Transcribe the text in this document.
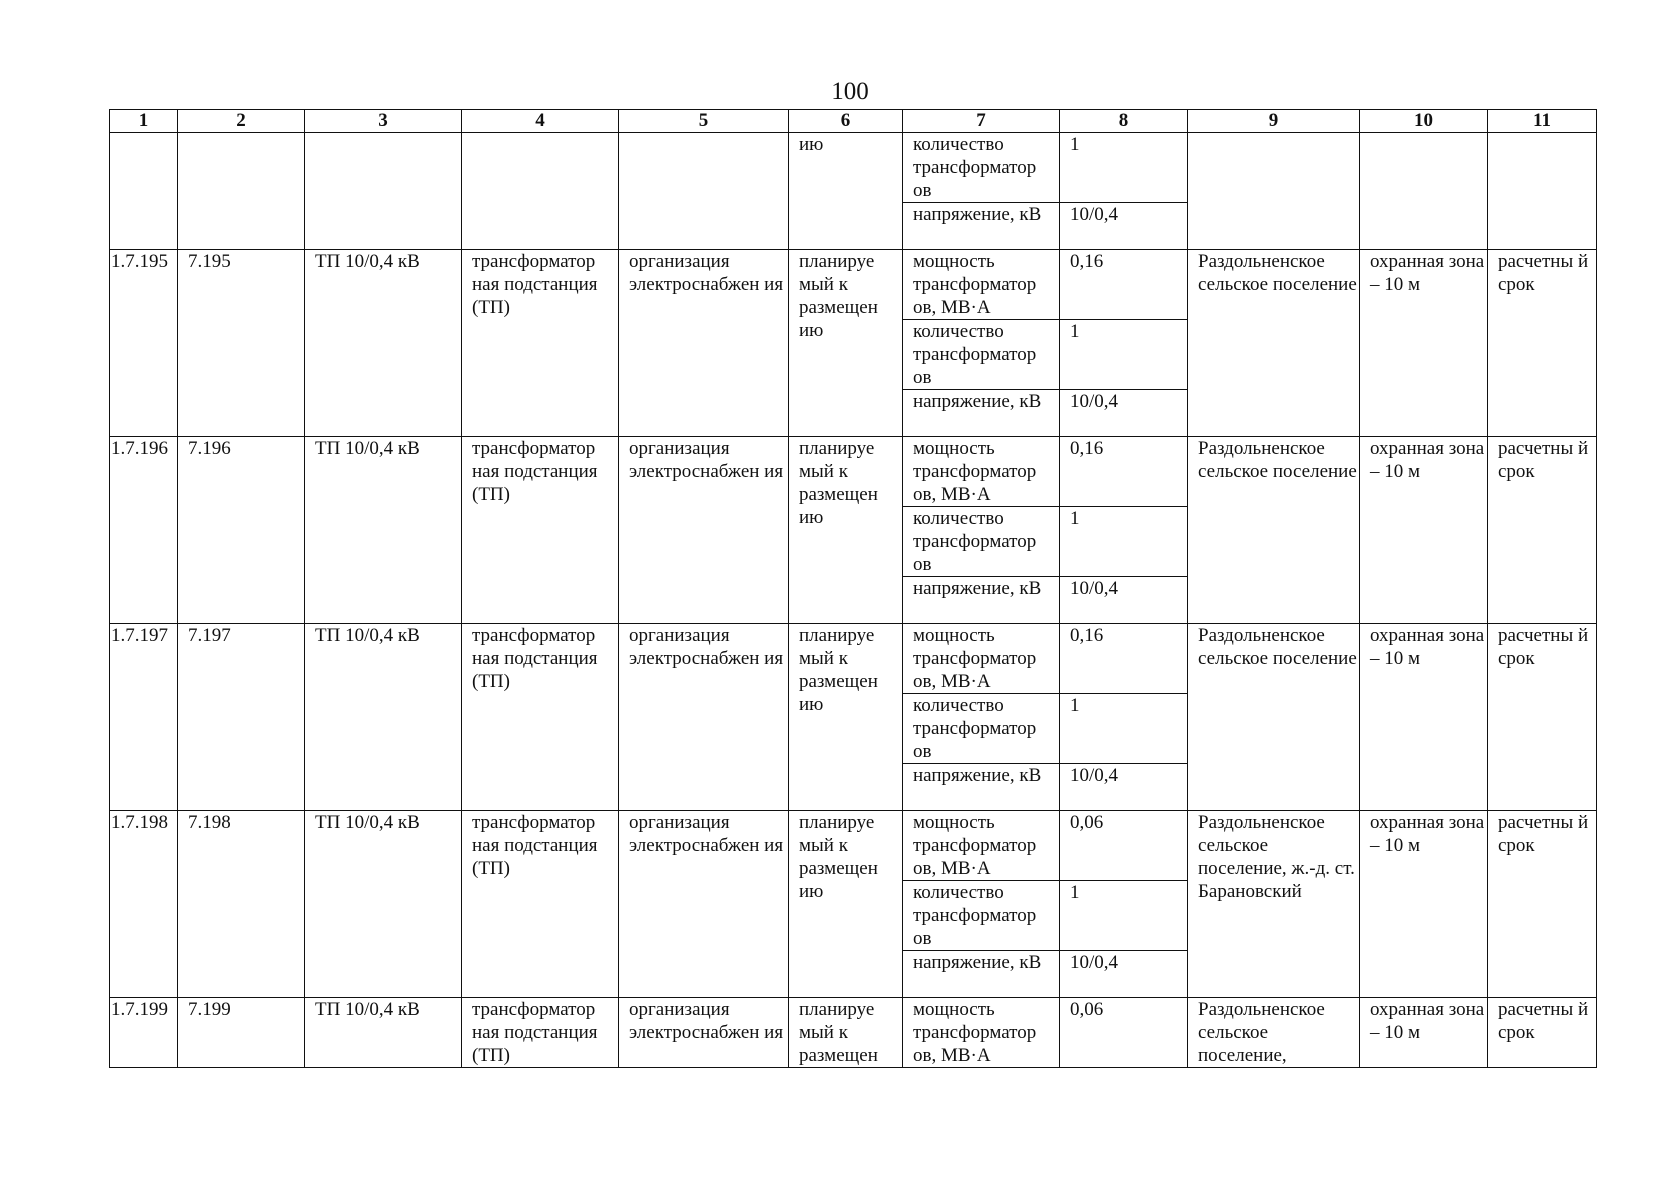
100
1	2	3	4	5	6	7	8	9	10	11
					ию	количество трансформатор ов	1			
						напряжение, кВ	10/0,4			
1.7.195	7.195	ТП 10/0,4 кВ	трансформатор ная подстанция (ТП)	организация электроснабжен ия	планируе мый к размещен ию	мощность трансформатор ов, МВ·А	0,16	Раздольненское сельское поселение	охранная зона – 10 м	расчетны й срок
						количество трансформатор ов	1			
						напряжение, кВ	10/0,4			
1.7.196	7.196	ТП 10/0,4 кВ	трансформатор ная подстанция (ТП)	организация электроснабжен ия	планируе мый к размещен ию	мощность трансформатор ов, МВ·А	0,16	Раздольненское сельское поселение	охранная зона – 10 м	расчетны й срок
						количество трансформатор ов	1			
						напряжение, кВ	10/0,4			
1.7.197	7.197	ТП 10/0,4 кВ	трансформатор ная подстанция (ТП)	организация электроснабжен ия	планируе мый к размещен ию	мощность трансформатор ов, МВ·А	0,16	Раздольненское сельское поселение	охранная зона – 10 м	расчетны й срок
						количество трансформатор ов	1			
						напряжение, кВ	10/0,4			
1.7.198	7.198	ТП 10/0,4 кВ	трансформатор ная подстанция (ТП)	организация электроснабжен ия	планируе мый к размещен ию	мощность трансформатор ов, МВ·А	0,06	Раздольненское сельское поселение, ж.-д. ст. Барановский	охранная зона – 10 м	расчетны й срок
						количество трансформатор ов	1			
						напряжение, кВ	10/0,4			
1.7.199	7.199	ТП 10/0,4 кВ	трансформатор ная подстанция (ТП)	организация электроснабжен ия	планируе мый к размещен	мощность трансформатор ов, МВ·А	0,06	Раздольненское сельское поселение,	охранная зона – 10 м	расчетны й срок
